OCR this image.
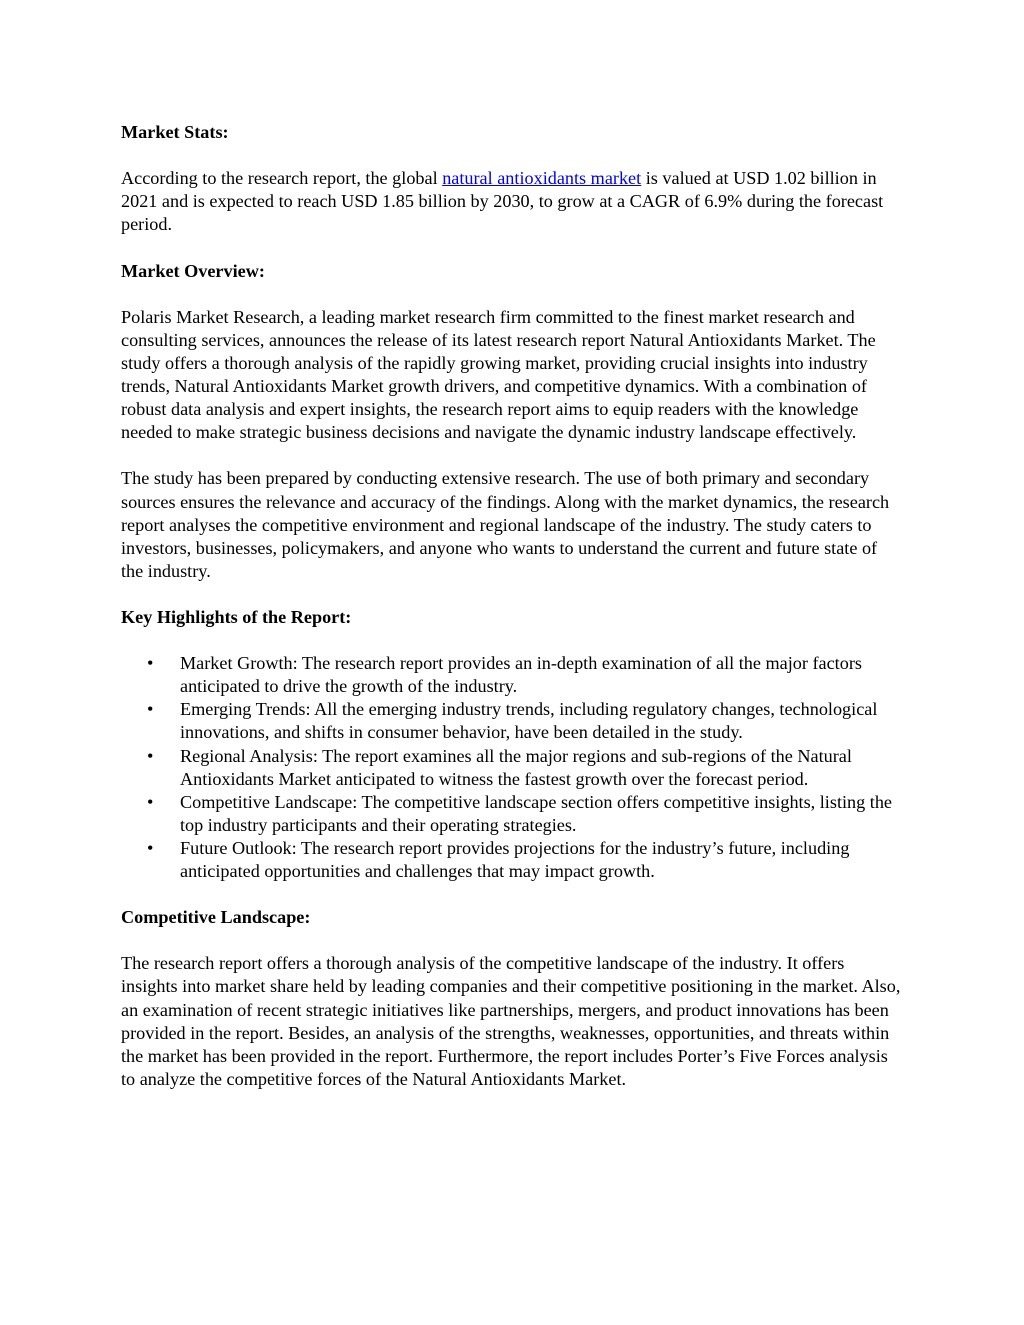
Market Stats:

According to the research report, the global natural antioxidants market is valued at USD 1.02 billion in 2021 and is expected to reach USD 1.85 billion by 2030, to grow at a CAGR of 6.9% during the forecast period.

Market Overview:

Polaris Market Research, a leading market research firm committed to the finest market research and consulting services, announces the release of its latest research report Natural Antioxidants Market. The study offers a thorough analysis of the rapidly growing market, providing crucial insights into industry trends, Natural Antioxidants Market growth drivers, and competitive dynamics. With a combination of robust data analysis and expert insights, the research report aims to equip readers with the knowledge needed to make strategic business decisions and navigate the dynamic industry landscape effectively.

The study has been prepared by conducting extensive research. The use of both primary and secondary sources ensures the relevance and accuracy of the findings. Along with the market dynamics, the research report analyses the competitive environment and regional landscape of the industry. The study caters to investors, businesses, policymakers, and anyone who wants to understand the current and future state of the industry.

Key Highlights of the Report:
• Market Growth: The research report provides an in-depth examination of all the major factors anticipated to drive the growth of the industry.
• Emerging Trends: All the emerging industry trends, including regulatory changes, technological innovations, and shifts in consumer behavior, have been detailed in the study.
• Regional Analysis: The report examines all the major regions and sub-regions of the Natural Antioxidants Market anticipated to witness the fastest growth over the forecast period.
• Competitive Landscape: The competitive landscape section offers competitive insights, listing the top industry participants and their operating strategies.
• Future Outlook: The research report provides projections for the industry’s future, including anticipated opportunities and challenges that may impact growth.
Competitive Landscape:

The research report offers a thorough analysis of the competitive landscape of the industry. It offers insights into market share held by leading companies and their competitive positioning in the market. Also, an examination of recent strategic initiatives like partnerships, mergers, and product innovations has been provided in the report. Besides, an analysis of the strengths, weaknesses, opportunities, and threats within the market has been provided in the report. Furthermore, the report includes Porter’s Five Forces analysis to analyze the competitive forces of the Natural Antioxidants Market.
